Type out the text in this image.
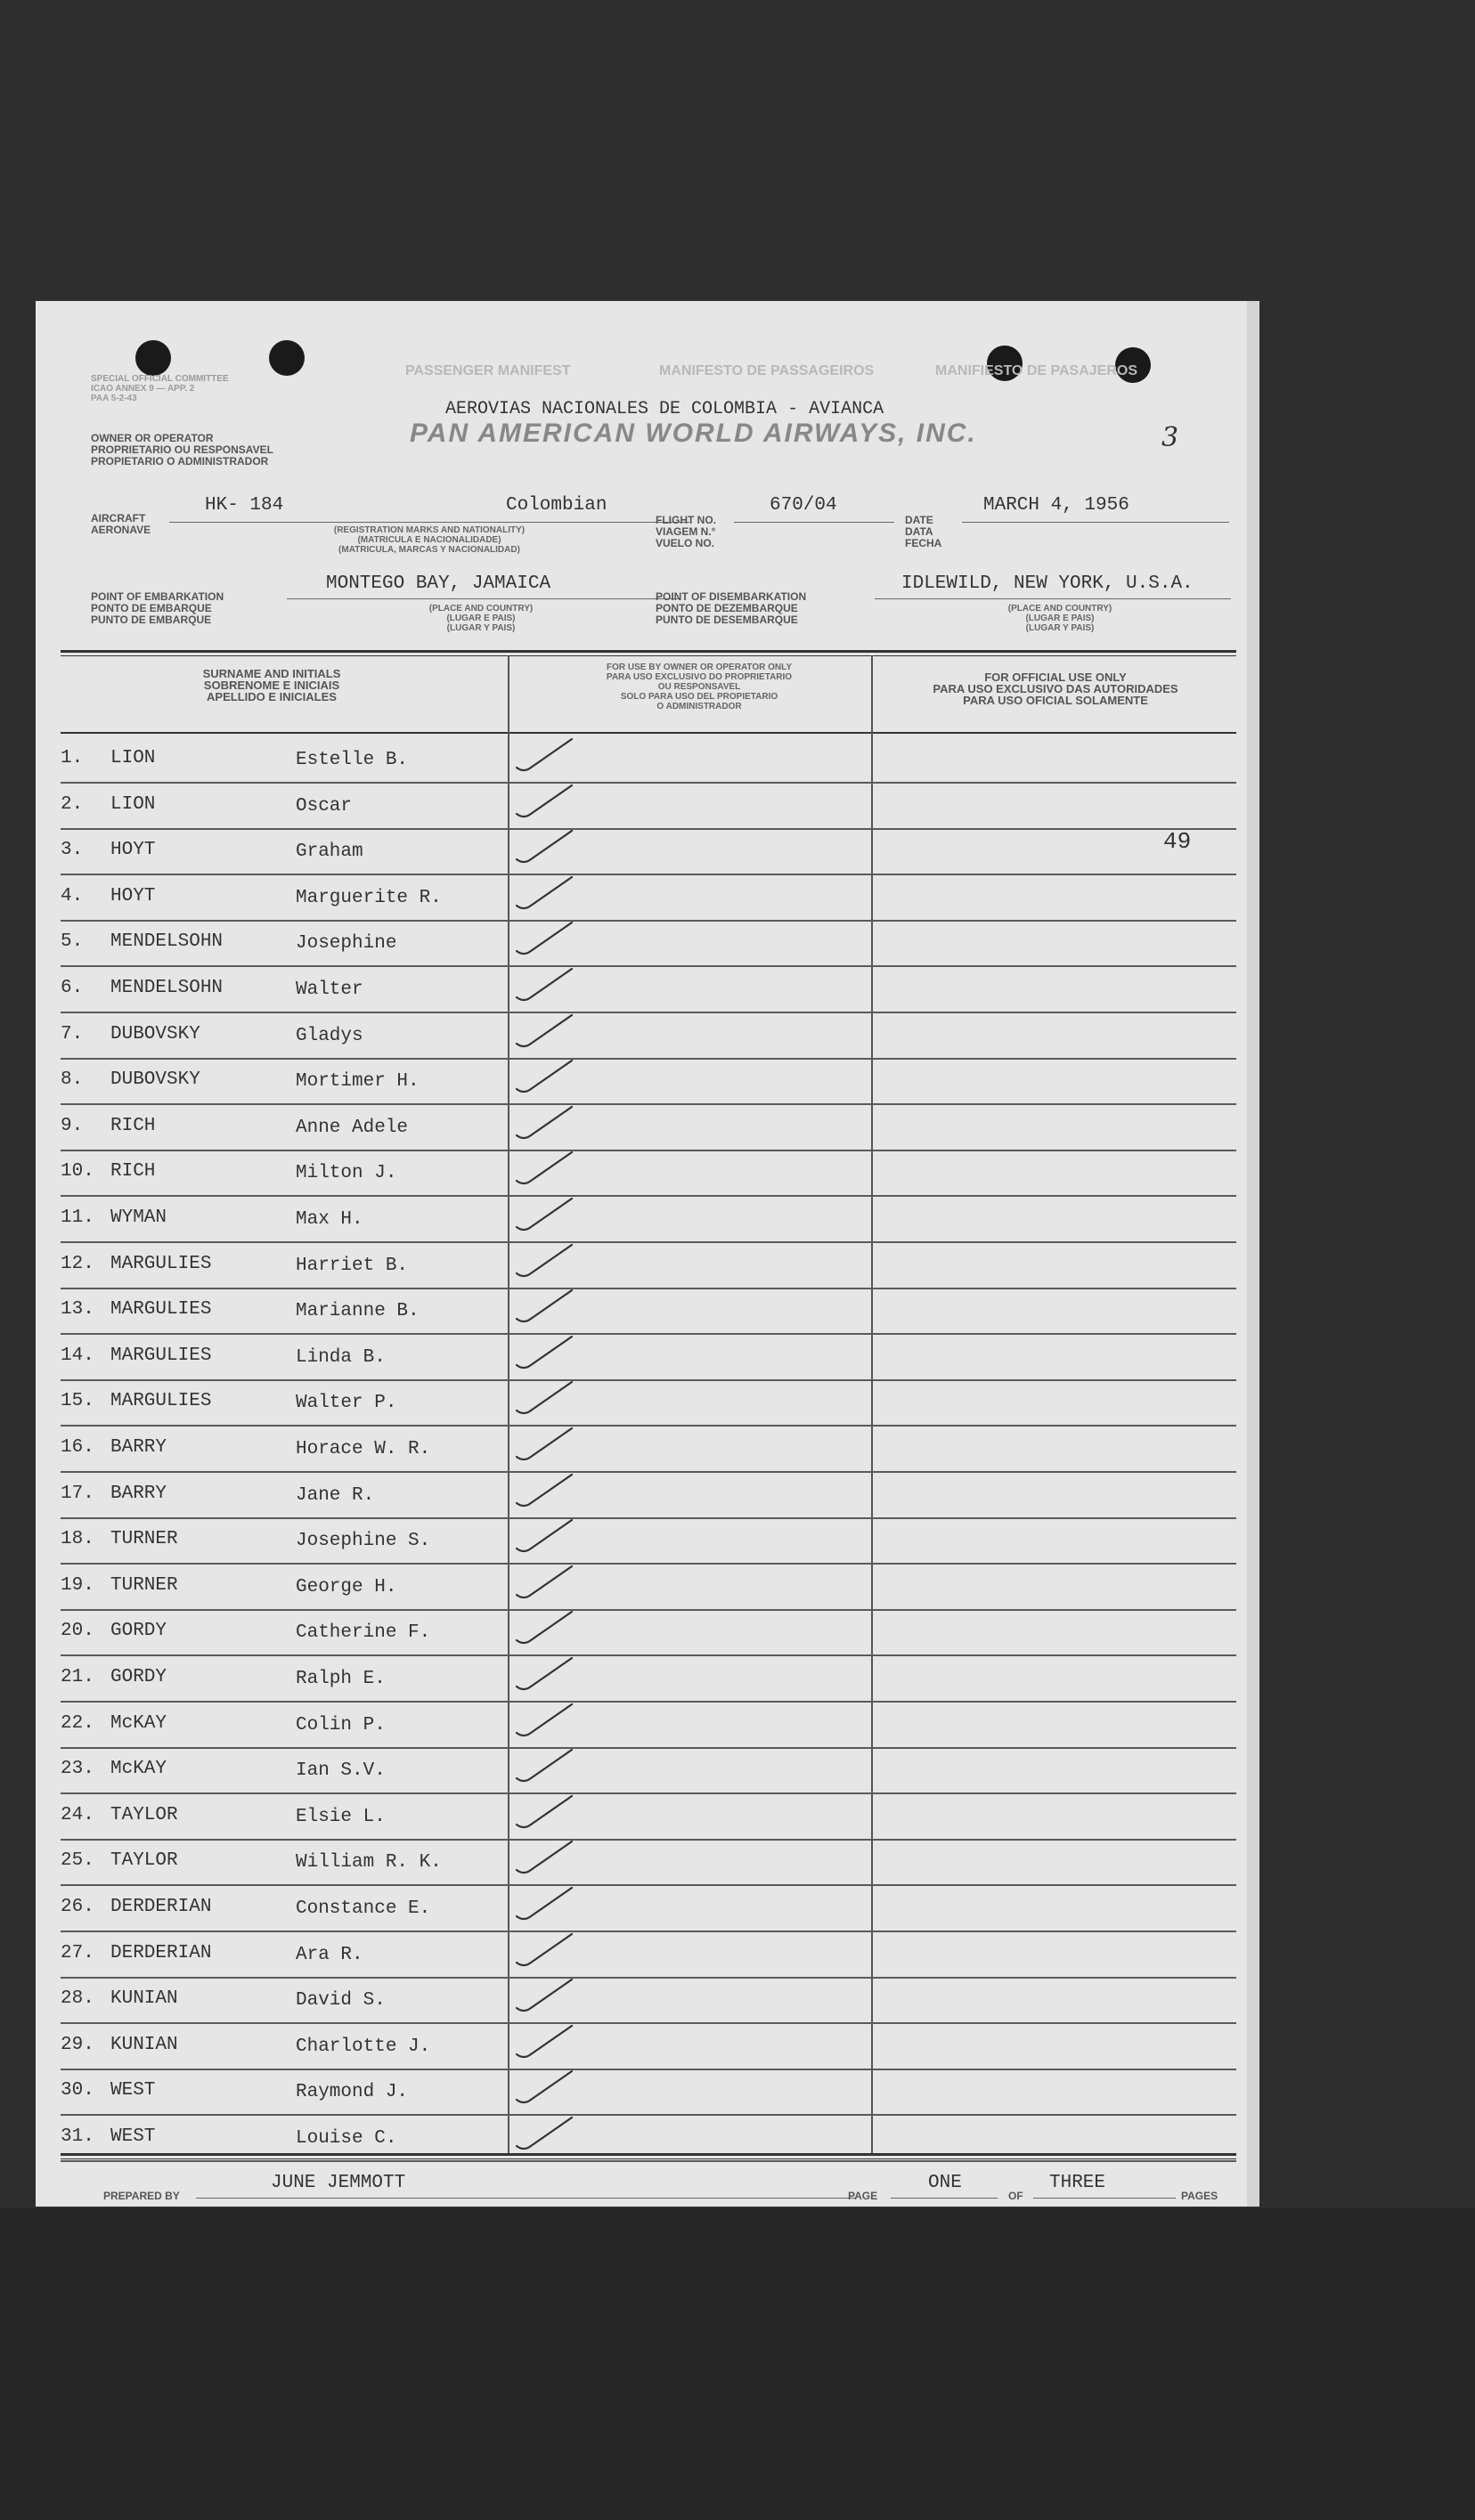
PASSENGER MANIFEST	MANIFESTO DE PASSAGEIROS	MANIFIESTO DE PASAJEROS
SPECIAL OFFICIAL COMMITTEE
ICAO ANNEX 9 — APP. 2
PAA 5-2-43
OWNER OR OPERATOR
PROPRIETARIO OU RESPONSAVEL
PROPIETARIO O ADMINISTRADOR
AEROVIAS NACIONALES DE COLOMBIA - AVIANCA
PAN AMERICAN WORLD AIRWAYS, INC.	3
AIRCRAFT
AERONAVE
HK- 184	Colombian
(REGISTRATION MARKS AND NATIONALITY)
(MATRICULA E NACIONALIDADE)
(MATRICULA, MARCAS Y NACIONALIDAD)
FLIGHT NO.
VIAGEM N.°
VUELO NO.
670/04
DATE
DATA
FECHA
MARCH 4, 1956
POINT OF EMBARKATION
PONTO DE EMBARQUE
PUNTO DE EMBARQUE
MONTEGO BAY, JAMAICA
(PLACE AND COUNTRY)
(LUGAR E PAIS)
(LUGAR Y PAIS)
POINT OF DISEMBARKATION
PONTO DE DEZEMBARQUE
PUNTO DE DESEMBARQUE
IDLEWILD, NEW YORK, U.S.A.
(PLACE AND COUNTRY)
(LUGAR E PAIS)
(LUGAR Y PAIS)
SURNAME AND INITIALS
SOBRENOME E INICIAIS
APELLIDO E INICIALES
FOR USE BY OWNER OR OPERATOR ONLY
PARA USO EXCLUSIVO DO PROPRIETARIO
OU RESPONSAVEL
SOLO PARA USO DEL PROPIETARIO
O ADMINISTRADOR
FOR OFFICIAL USE ONLY
PARA USO EXCLUSIVO DAS AUTORIDADES
PARA USO OFICIAL SOLAMENTE
1. LION	Estelle B.
2. LION	Oscar
3. HOYT	Graham
4. HOYT	Marguerite R.
5. MENDELSOHN	Josephine
6. MENDELSOHN	Walter
7. DUBOVSKY	Gladys
8. DUBOVSKY	Mortimer H.
9. RICH	Anne Adele
10. RICH	Milton J.
11. WYMAN	Max H.
12. MARGULIES	Harriet B.
13. MARGULIES	Marianne B.
14. MARGULIES	Linda B.
15. MARGULIES	Walter P.
16. BARRY	Horace W. R.
17. BARRY	Jane R.
18. TURNER	Josephine S.
19. TURNER	George H.
20. GORDY	Catherine F.
21. GORDY	Ralph E.
22. McKAY	Colin P.
23. McKAY	Ian S.V.
24. TAYLOR	Elsie L.
25. TAYLOR	William R. K.
26. DERDERIAN	Constance E.
27. DERDERIAN	Ara R.
28. KUNIAN	David S.
29. KUNIAN	Charlotte J.
30. WEST	Raymond J.
31. WEST	Louise C.
49
PREPARED BY
JUNE JEMMOTT
PAGE
ONE
OF
THREE
PAGES
